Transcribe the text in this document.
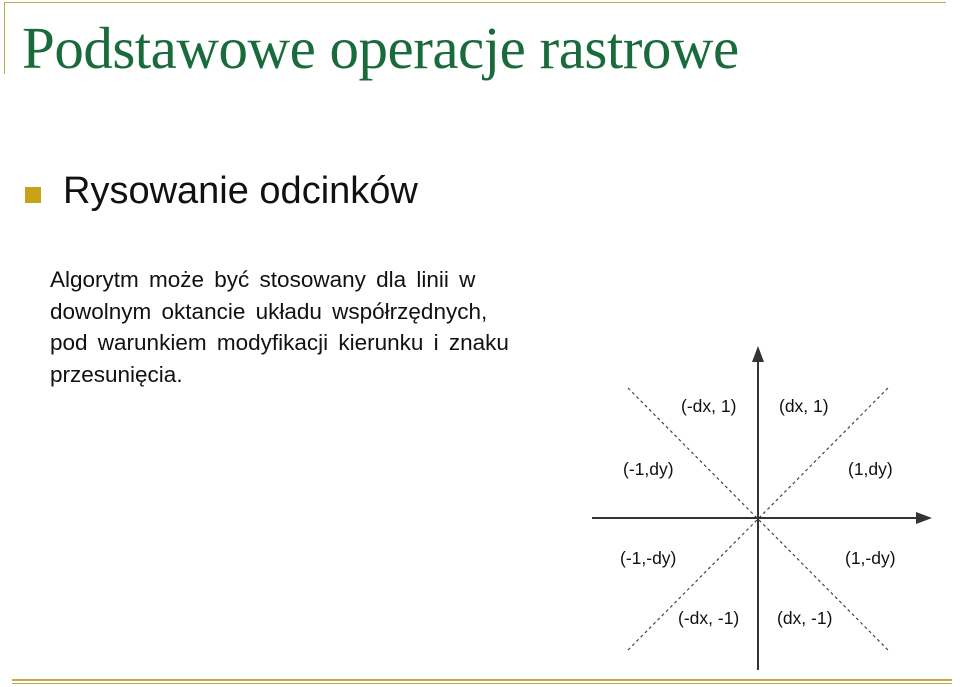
Podstawowe operacje rastrowe
Rysowanie odcinków
Algorytm może być stosowany dla linii w
dowolnym oktancie układu współrzędnych,
pod warunkiem modyfikacji kierunku i znaku
przesunięcia.
(-dx, 1) (dx, 1)
(-1,dy)	(1,dy)
(-1,-dy)	(1,-dy)
(-dx, -1) (dx, -1)
